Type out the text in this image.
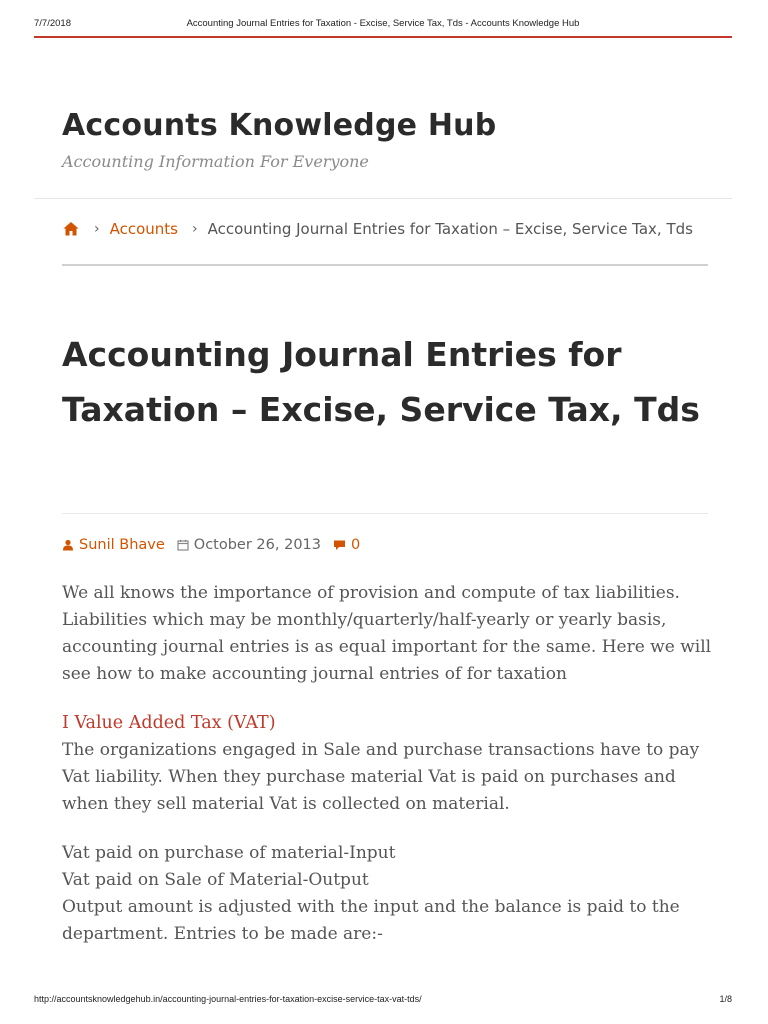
7/7/2018	Accounting Journal Entries for Taxation - Excise, Service Tax, Tds - Accounts Knowledge Hub
Accounts Knowledge Hub
Accounting Information For Everyone
› Accounts › Accounting Journal Entries for Taxation – Excise, Service Tax, Tds
Accounting Journal Entries for Taxation – Excise, Service Tax, Tds
Sunil Bhave October 26, 2013 0

We all knows the importance of provision and compute of tax liabilities. Liabilities which may be monthly/quarterly/half-yearly or yearly basis, accounting journal entries is as equal important for the same. Here we will see how to make accounting journal entries of for taxation

I Value Added Tax (VAT)

The organizations engaged in Sale and purchase transactions have to pay Vat liability. When they purchase material Vat is paid on purchases and when they sell material Vat is collected on material.

Vat paid on purchase of material-Input

Vat paid on Sale of Material-Output

Output amount is adjusted with the input and the balance is paid to the department. Entries to be made are:-

http://accountsknowledgehub.in/accounting-journal-entries-for-taxation-excise-service-tax-vat-tds/	1/8
